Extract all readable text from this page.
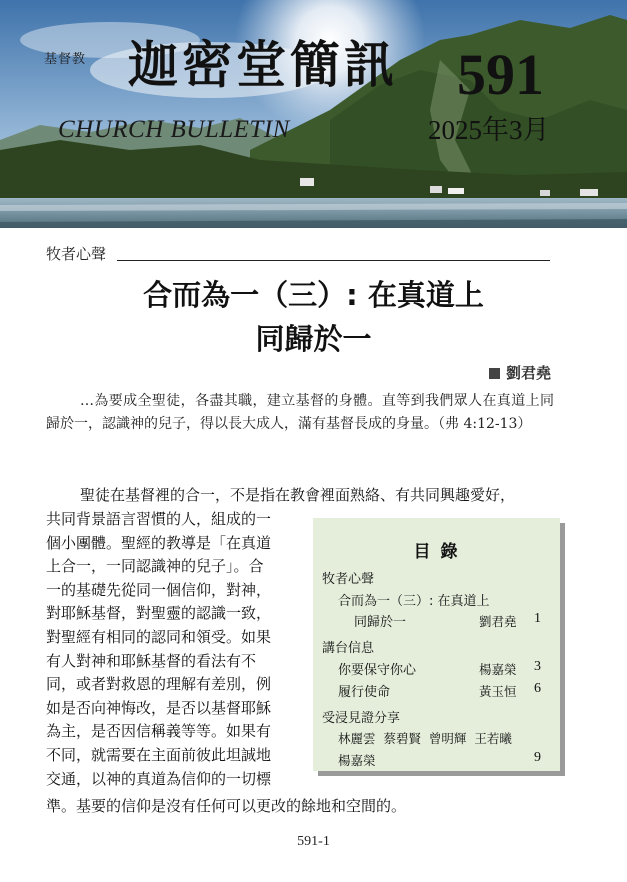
基督教 迦密堂簡訊
CHURCH BULLETIN
591
2025年3月
牧者心聲
合而為一（三）: 在真道上
同歸於一
劉君堯
…為要成全聖徒，各盡其職，建立基督的身體。直等到我們眾人在真道上同歸於一，認識神的兒子，得以長大成人，滿有基督長成的身量。（弗 4:12-13）
聖徒在基督裡的合一，不是指在教會裡面熟絡、有共同興趣愛好，
共同背景語言習慣的人，組成的一
個小團體。聖經的教導是「在真道
上合一，一同認識神的兒子」。合
一的基礎先從同一個信仰，對神，
對耶穌基督，對聖靈的認識一致，
對聖經有相同的認同和領受。如果
有人對神和耶穌基督的看法有不
同，或者對救恩的理解有差別，例
如是否向神悔改，是否以基督耶穌
為主，是否因信稱義等等。如果有
不同，就需要在主面前彼此坦誠地
交通，以神的真道為信仰的一切標
準。基要的信仰是沒有任何可以更改的餘地和空間的。
目 錄
牧者心聲
合而為一（三）: 在真道上
同歸於一	劉君堯 1
講台信息
你要保守你心	楊嘉榮 3
履行使命	黃玉恒 6
受浸見證分享
林麗雲  蔡碧賢  曾明輝  王若曦
楊嘉榮	9
591-1
